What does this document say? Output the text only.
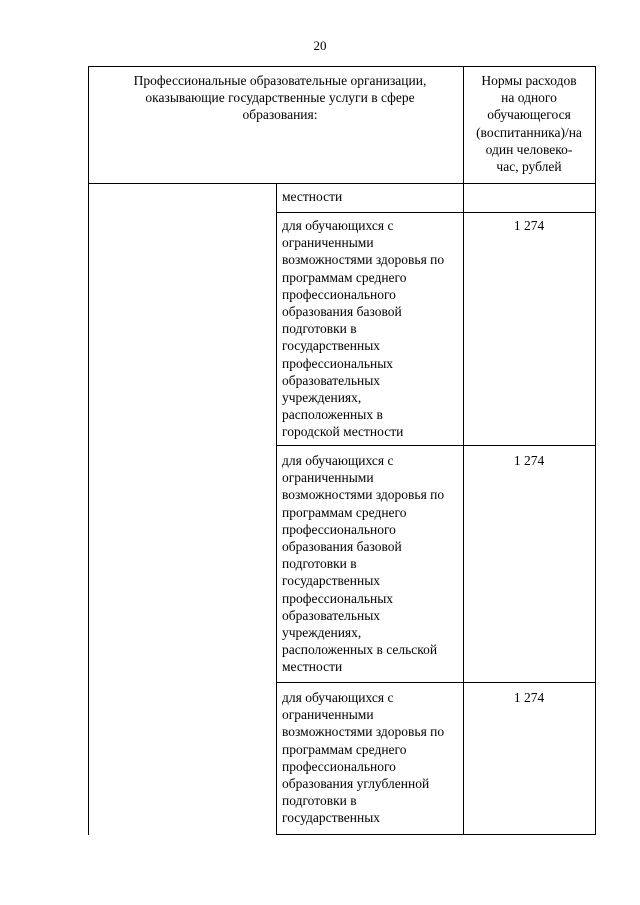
20
Профессиональные образовательные организации,
оказывающие государственные услуги в сфере
образования:
Нормы расходов
на одного
обучающегося
(воспитанника)/на
один человеко-
час, рублей
местности
для обучающихся с
ограниченными
возможностями здоровья по
программам среднего
профессионального
образования базовой
подготовки в
государственных
профессиональных
образовательных
учреждениях,
расположенных в
городской местности
1 274
для обучающихся с
ограниченными
возможностями здоровья по
программам среднего
профессионального
образования базовой
подготовки в
государственных
профессиональных
образовательных
учреждениях,
расположенных в сельской
местности
1 274
для обучающихся с
ограниченными
возможностями здоровья по
программам среднего
профессионального
образования углубленной
подготовки в
государственных
1 274
